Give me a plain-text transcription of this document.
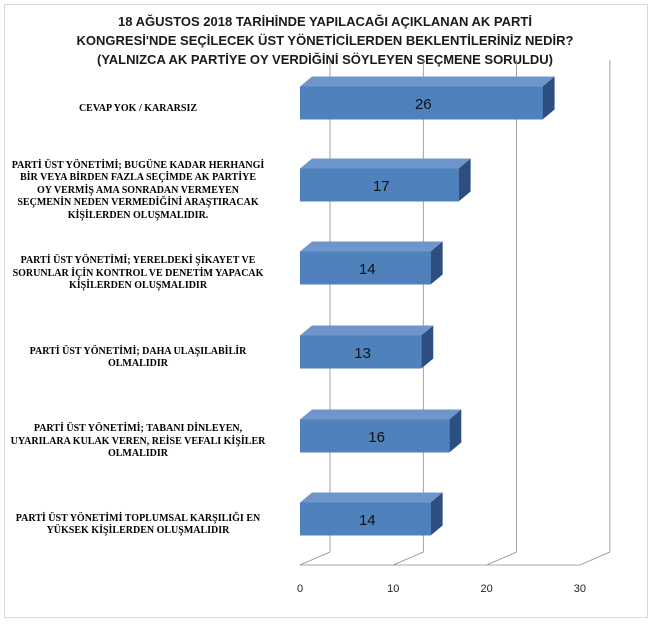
18 AĞUSTOS 2018 TARİHİNDE YAPILACAĞI AÇIKLANAN AK PARTİ
KONGRESİ'NDE SEÇİLECEK ÜST YÖNETİCİLERDEN BEKLENTİLERİNİZ NEDİR?
(YALNIZCA AK PARTİYE OY VERDİĞİNİ SÖYLEYEN SEÇMENE SORULDU)
26
17
14
13
16
14
0	10	20	30
CEVAP YOK / KARARSIZ
PARTİ ÜST YÖNETİMİ; BUGÜNE KADAR HERHANGİ
BİR VEYA BİRDEN FAZLA SEÇİMDE AK PARTİYE
OY VERMİŞ AMA SONRADAN VERMEYEN
SEÇMENİN NEDEN VERMEDİĞİNİ ARAŞTIRACAK
KİŞİLERDEN OLUŞMALIDIR.
PARTİ ÜST YÖNETİMİ; YERELDEKİ ŞİKAYET VE
SORUNLAR İÇİN KONTROL VE DENETİM YAPACAK
KİŞİLERDEN OLUŞMALIDIR
PARTİ ÜST YÖNETİMİ; DAHA ULAŞILABİLİR
OLMALIDIR
PARTİ ÜST YÖNETİMİ; TABANI DİNLEYEN,
UYARILARA KULAK VEREN, REİSE VEFALI KİŞİLER
OLMALIDIR
PARTİ ÜST YÖNETİMİ TOPLUMSAL KARŞILIĞI EN
YÜKSEK KİŞİLERDEN OLUŞMALIDIR
